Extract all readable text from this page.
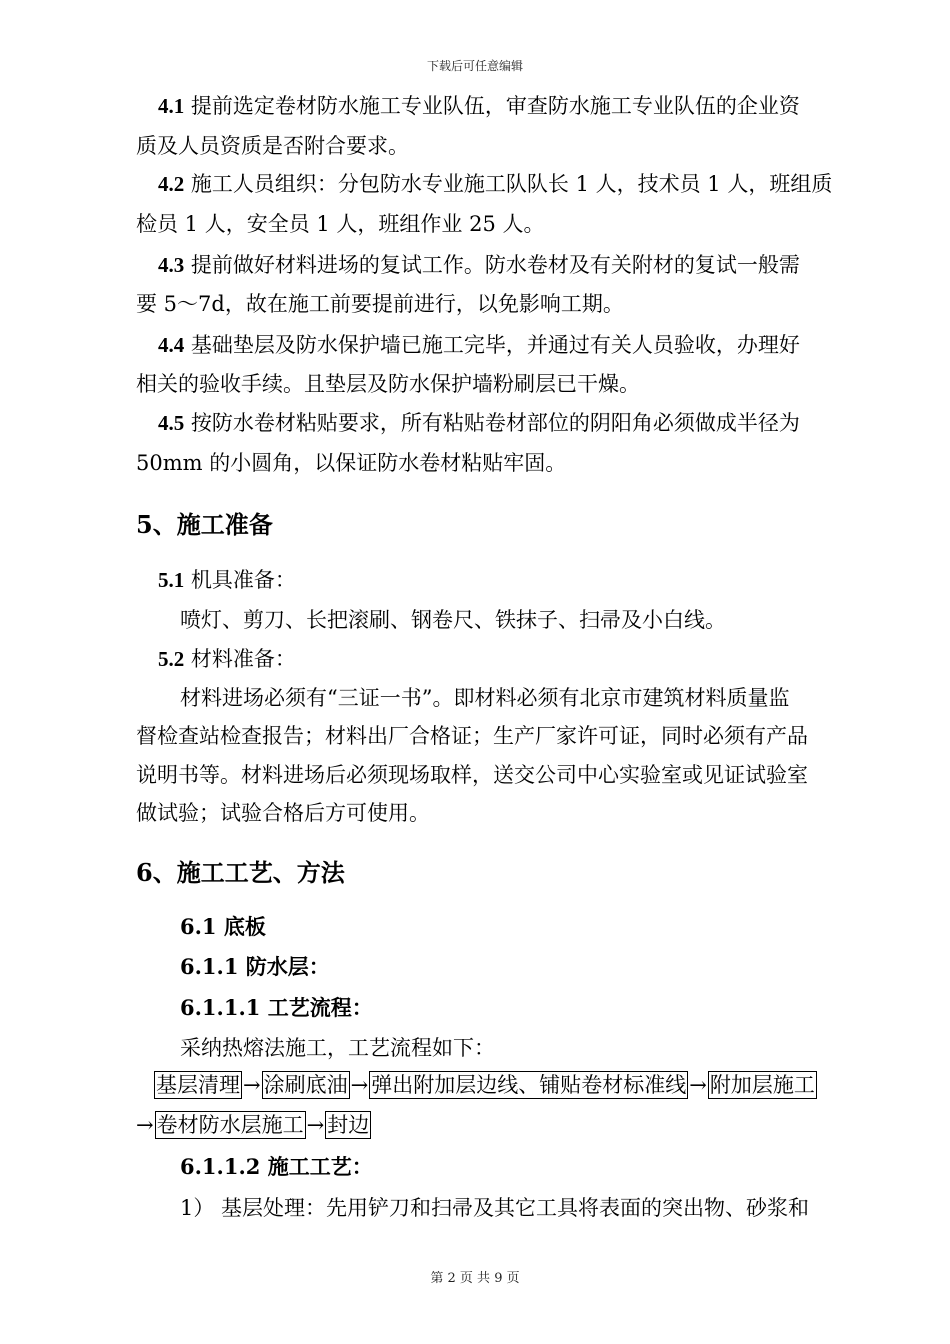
下载后可任意编辑
4.1 提前选定卷材防水施工专业队伍，审查防水施工专业队伍的企业资
质及人员资质是否附合要求。
4.2 施工人员组织：分包防水专业施工队队长 1 人，技术员 1 人，班组质
检员 1 人，安全员 1 人，班组作业 25 人。
4.3 提前做好材料进场的复试工作。防水卷材及有关附材的复试一般需
要 5～7d，故在施工前要提前进行，以免影响工期。
4.4 基础垫层及防水保护墙已施工完毕，并通过有关人员验收，办理好
相关的验收手续。且垫层及防水保护墙粉刷层已干燥。
4.5 按防水卷材粘贴要求，所有粘贴卷材部位的阴阳角必须做成半径为
50mm 的小圆角，以保证防水卷材粘贴牢固。
5、施工准备
5.1 机具准备：
喷灯、剪刀、长把滚刷、钢卷尺、铁抹子、扫帚及小白线。
5.2 材料准备：
材料进场必须有“三证一书”。即材料必须有北京市建筑材料质量监
督检查站检查报告；材料出厂合格证；生产厂家许可证，同时必须有产品
说明书等。材料进场后必须现场取样，送交公司中心实验室或见证试验室
做试验；试验合格后方可使用。
6、施工工艺、方法
6.1 底板
6.1.1 防水层：
6.1.1.1 工艺流程：
采纳热熔法施工，工艺流程如下：
基层清理 → 涂刷底油 → 弹出附加层边线、铺贴卷材标准线 → 附加层施工
→ 卷材防水层施工 → 封边
6.1.1.2 施工工艺：
1） 基层处理：先用铲刀和扫帚及其它工具将表面的突出物、砂浆和
第 2 页 共 9 页
